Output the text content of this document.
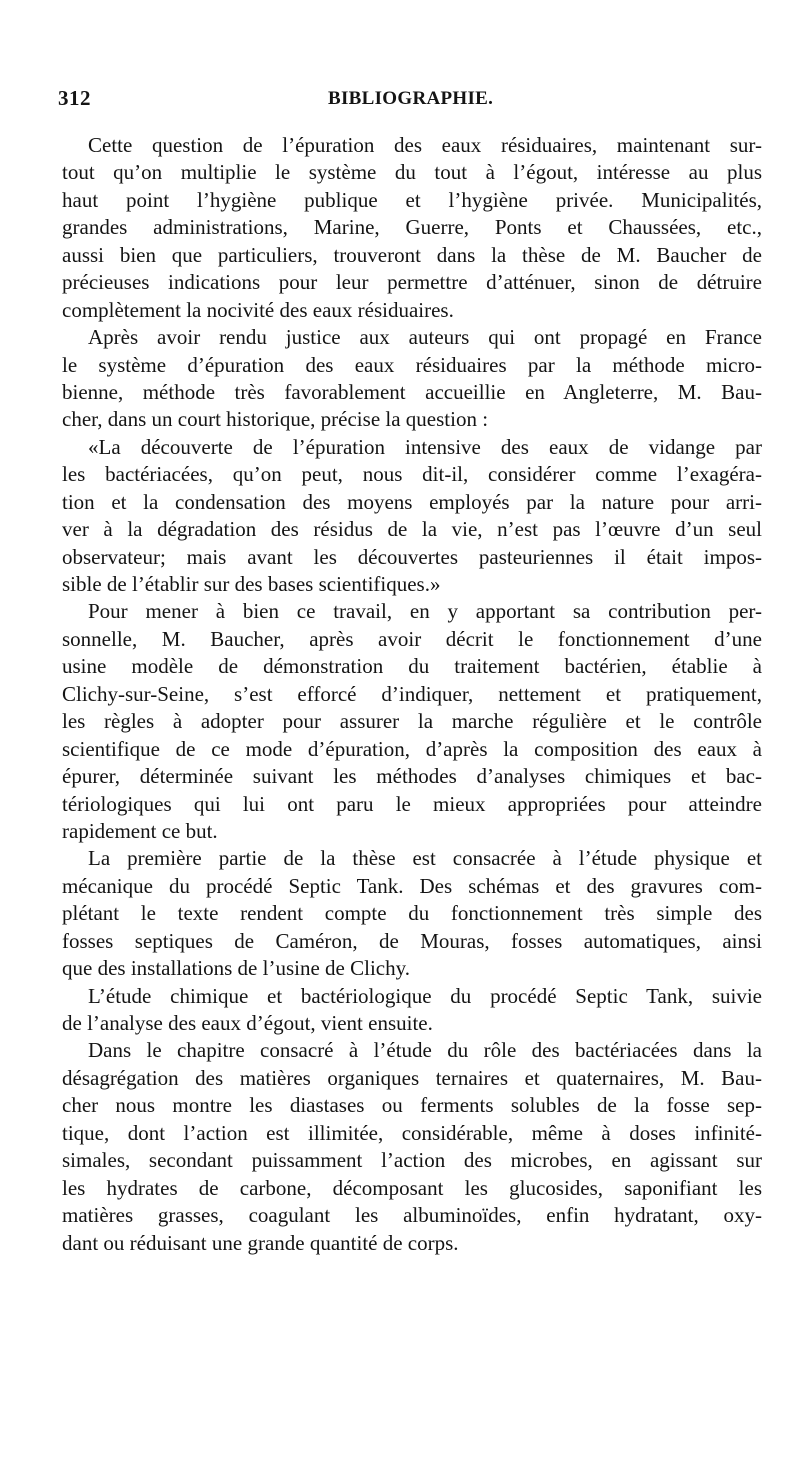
312	BIBLIOGRAPHIE.
Cette question de l’épuration des eaux résiduaires, maintenant sur-
tout qu’on multiplie le système du tout à l’égout, intéresse au plus
haut point l’hygiène publique et l’hygiène privée. Municipalités,
grandes administrations, Marine, Guerre, Ponts et Chaussées, etc.,
aussi bien que particuliers, trouveront dans la thèse de M. Baucher de
précieuses indications pour leur permettre d’atténuer, sinon de détruire
complètement la nocivité des eaux résiduaires.
Après avoir rendu justice aux auteurs qui ont propagé en France
le système d’épuration des eaux résiduaires par la méthode micro-
bienne, méthode très favorablement accueillie en Angleterre, M. Bau-
cher, dans un court historique, précise la question :
«La découverte de l’épuration intensive des eaux de vidange par
les bactériacées, qu’on peut, nous dit-il, considérer comme l’exagéra-
tion et la condensation des moyens employés par la nature pour arri-
ver à la dégradation des résidus de la vie, n’est pas l’œuvre d’un seul
observateur; mais avant les découvertes pasteuriennes il était impos-
sible de l’établir sur des bases scientifiques.»
Pour mener à bien ce travail, en y apportant sa contribution per-
sonnelle, M. Baucher, après avoir décrit le fonctionnement d’une
usine modèle de démonstration du traitement bactérien, établie à
Clichy-sur-Seine, s’est efforcé d’indiquer, nettement et pratiquement,
les règles à adopter pour assurer la marche régulière et le contrôle
scientifique de ce mode d’épuration, d’après la composition des eaux à
épurer, déterminée suivant les méthodes d’analyses chimiques et bac-
tériologiques qui lui ont paru le mieux appropriées pour atteindre
rapidement ce but.
La première partie de la thèse est consacrée à l’étude physique et
mécanique du procédé Septic Tank. Des schémas et des gravures com-
plétant le texte rendent compte du fonctionnement très simple des
fosses septiques de Caméron, de Mouras, fosses automatiques, ainsi
que des installations de l’usine de Clichy.
L’étude chimique et bactériologique du procédé Septic Tank, suivie
de l’analyse des eaux d’égout, vient ensuite.
Dans le chapitre consacré à l’étude du rôle des bactériacées dans la
désagrégation des matières organiques ternaires et quaternaires, M. Bau-
cher nous montre les diastases ou ferments solubles de la fosse sep-
tique, dont l’action est illimitée, considérable, même à doses infinité-
simales, secondant puissamment l’action des microbes, en agissant sur
les hydrates de carbone, décomposant les glucosides, saponifiant les
matières grasses, coagulant les albuminoïdes, enfin hydratant, oxy-
dant ou réduisant une grande quantité de corps.
